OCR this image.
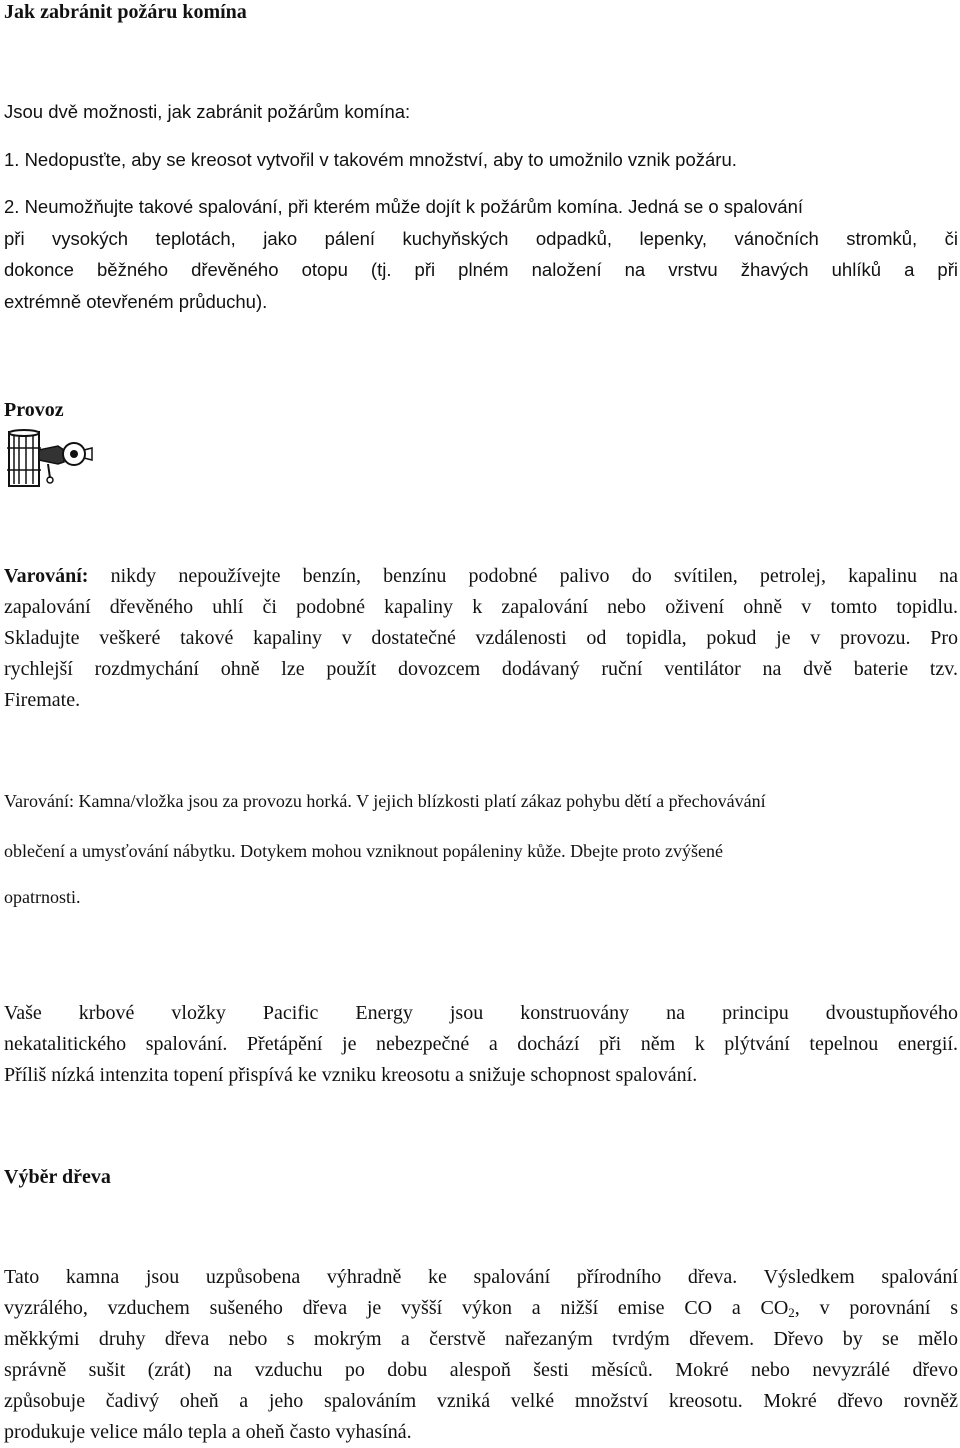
Jak zabránit požáru komína
Jsou dvě možnosti, jak zabránit požárům komína:
1. Nedopusťte, aby se kreosot vytvořil v takovém množství, aby to umožnilo vznik požáru.
2. Neumožňujte takové spalování, při kterém může dojít k požárům komína. Jedná se o spalování
při vysokých teplotách, jako pálení kuchyňských odpadků, lepenky, vánočních stromků, či
dokonce běžného dřevěného otopu (tj. při plném naložení na vrstvu žhavých uhlíků a při
extrémně otevřeném průduchu).
Provoz
Varování: nikdy nepoužívejte benzín, benzínu podobné palivo do svítilen, petrolej, kapalinu na
zapalování dřevěného uhlí či podobné kapaliny k zapalování nebo oživení ohně v tomto topidlu.
Skladujte veškeré takové kapaliny v dostatečné vzdálenosti od topidla, pokud je v provozu. Pro
rychlejší rozdmychání ohně lze použít dovozcem dodávaný ruční ventilátor na dvě baterie tzv.
Firemate.
Varování: Kamna/vložka jsou za provozu horká. V jejich blízkosti platí zákaz pohybu dětí a přechovávání
oblečení a umysťování nábytku. Dotykem mohou vzniknout popáleniny kůže. Dbejte proto zvýšené
opatrnosti.
Vaše krbové vložky Pacific Energy jsou konstruovány na principu dvoustupňového
nekatalitického spalování. Přetápění je nebezpečné a dochází při něm k plýtvání tepelnou energií.
Příliš nízká intenzita topení přispívá ke vzniku kreosotu a snižuje schopnost spalování.
Výběr dřeva
Tato kamna jsou uzpůsobena výhradně ke spalování přírodního dřeva. Výsledkem spalování
vyzrálého, vzduchem sušeného dřeva je vyšší výkon a nižší emise CO a $CO_2$, v porovnání s
měkkými druhy dřeva nebo s mokrým a čerstvě nařezaným tvrdým dřevem. Dřevo by se mělo
správně sušit (zrát) na vzduchu po dobu alespoň šesti měsíců. Mokré nebo nevyzrálé dřevo
způsobuje čadivý oheň a jeho spalováním vzniká velké množství kreosotu. Mokré dřevo rovněž
produkuje velice málo tepla a oheň často vyhasíná.
